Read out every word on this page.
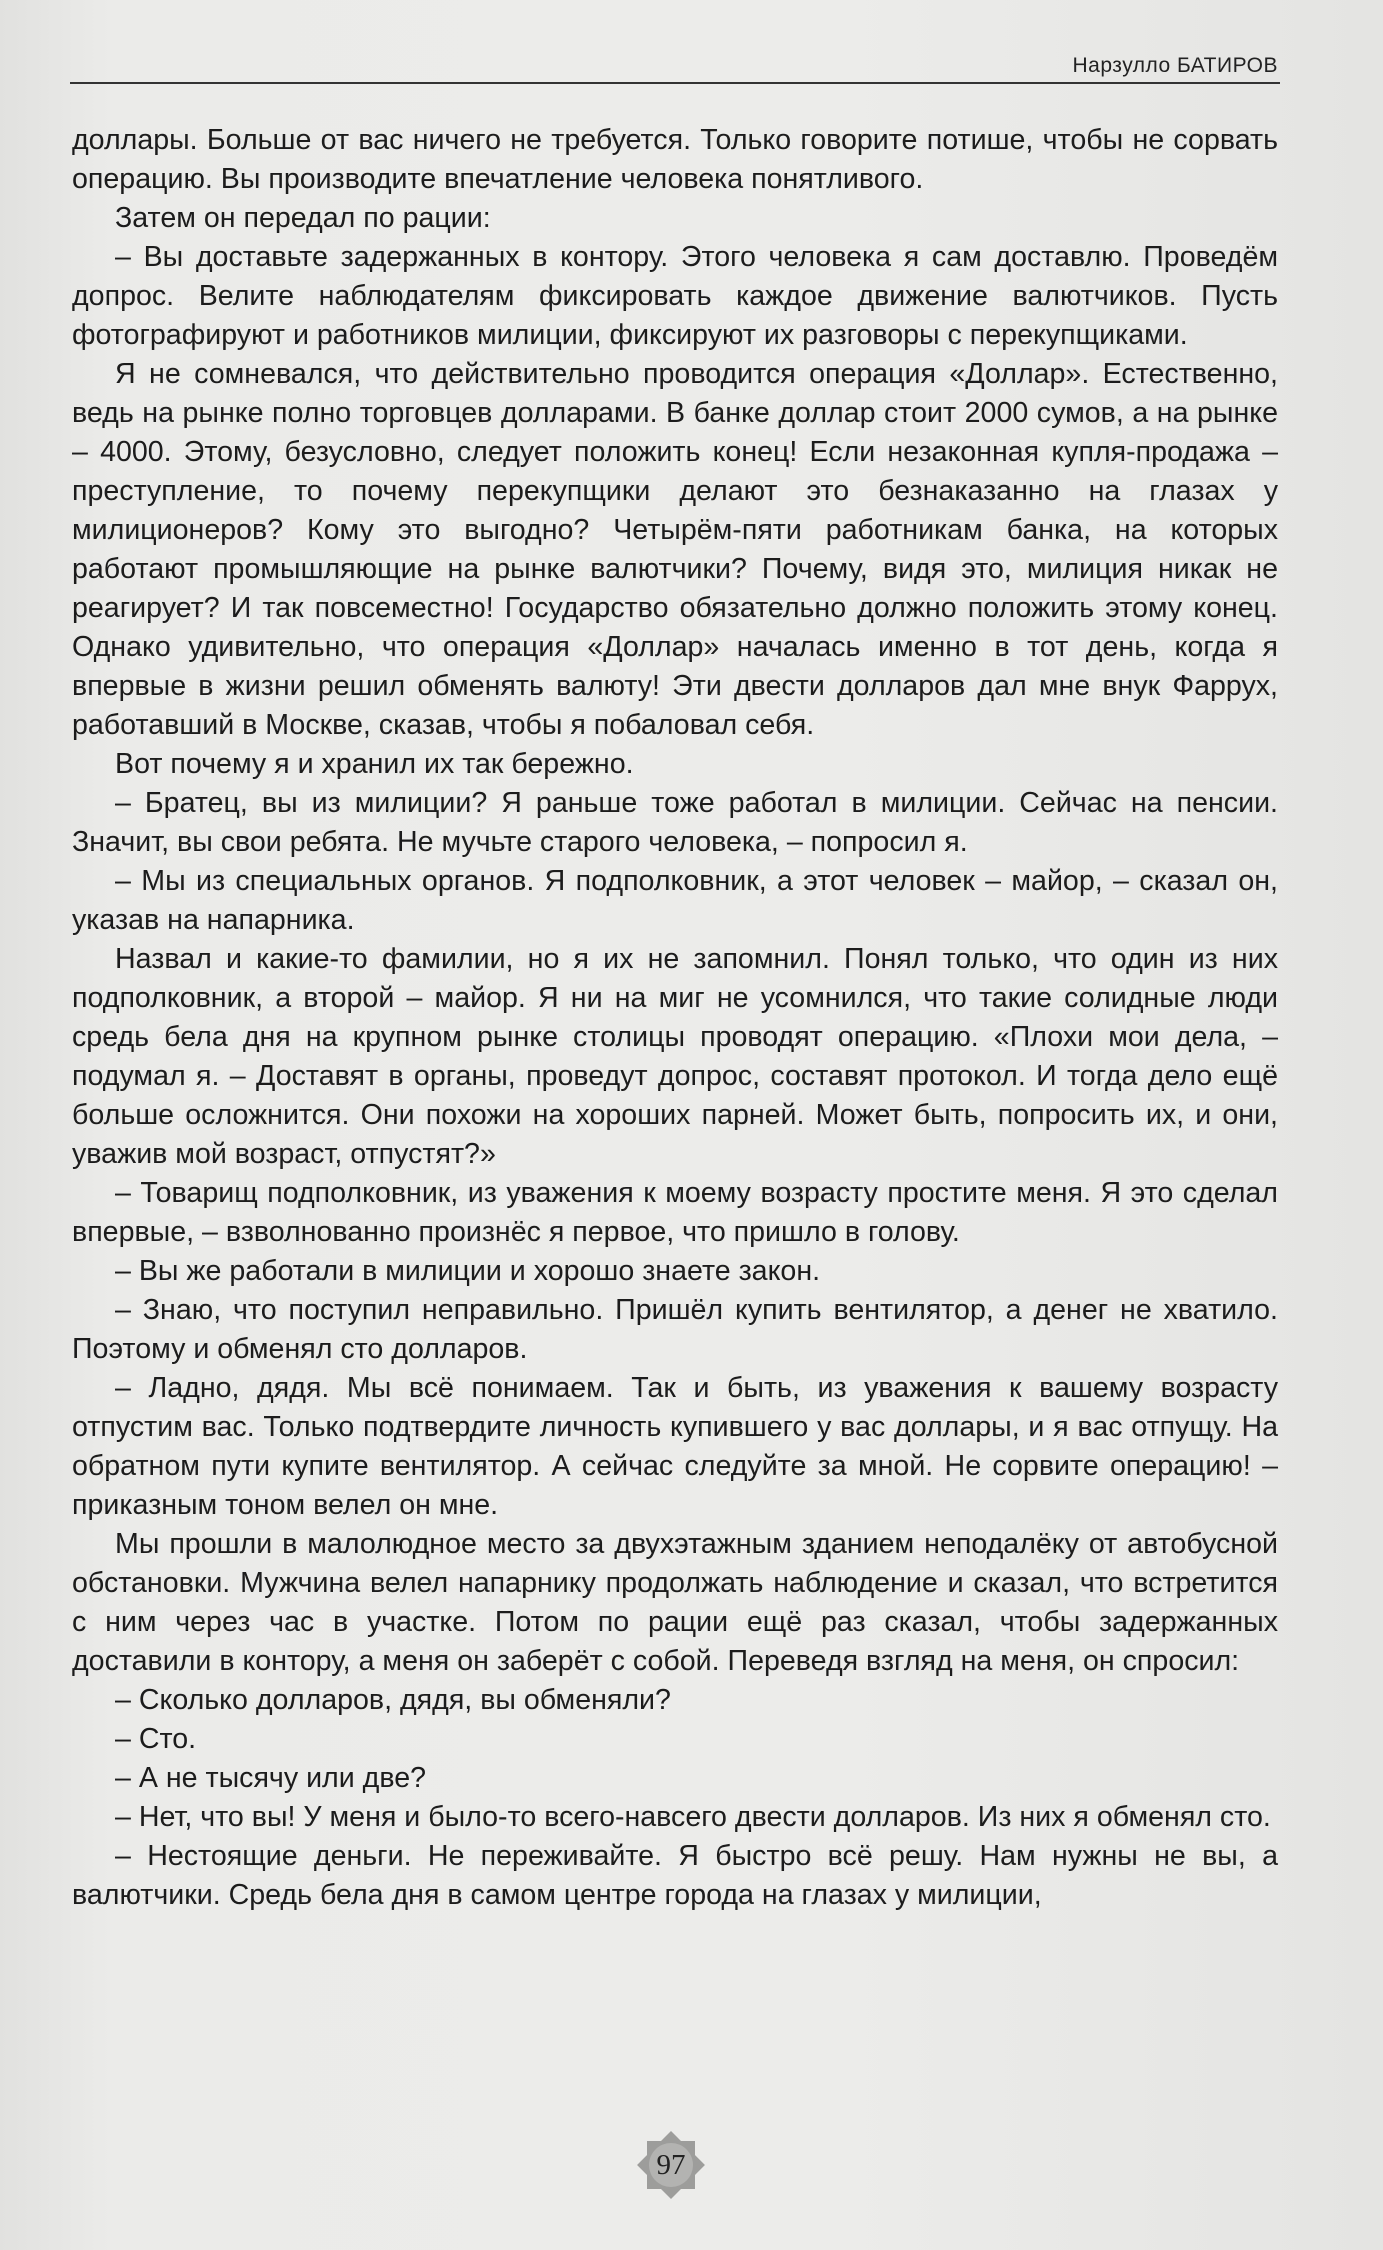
Нарзулло БАТИРОВ

доллары. Больше от вас ничего не требуется. Только говорите потише, чтобы не сорвать операцию. Вы производите впечатление человека понятливого.

Затем он передал по рации:

– Вы доставьте задержанных в контору. Этого человека я сам доставлю. Проведём допрос. Велите наблюдателям фиксировать каждое движение валютчиков. Пусть фотографируют и работников милиции, фиксируют их разговоры с перекупщиками.

Я не сомневался, что действительно проводится операция «Доллар». Естественно, ведь на рынке полно торговцев долларами. В банке доллар стоит 2000 сумов, а на рынке – 4000. Этому, безусловно, следует положить конец! Если незаконная купля-продажа – преступление, то почему перекупщики делают это безнаказанно на глазах у милиционеров? Кому это выгодно? Четырём-пяти работникам банка, на которых работают промышляющие на рынке валютчики? Почему, видя это, милиция никак не реагирует? И так повсеместно! Государство обязательно должно положить этому конец. Однако удивительно, что операция «Доллар» началась именно в тот день, когда я впервые в жизни решил обменять валюту! Эти двести долларов дал мне внук Фаррух, работавший в Москве, сказав, чтобы я побаловал себя.

Вот почему я и хранил их так бережно.

– Братец, вы из милиции? Я раньше тоже работал в милиции. Сейчас на пенсии. Значит, вы свои ребята. Не мучьте старого человека, – попросил я.

– Мы из специальных органов. Я подполковник, а этот человек – майор, – сказал он, указав на напарника.

Назвал и какие-то фамилии, но я их не запомнил. Понял только, что один из них подполковник, а второй – майор. Я ни на миг не усомнился, что такие солидные люди средь бела дня на крупном рынке столицы проводят операцию. «Плохи мои дела, – подумал я. – Доставят в органы, проведут допрос, составят протокол. И тогда дело ещё больше осложнится. Они похожи на хороших парней. Может быть, попросить их, и они, уважив мой возраст, отпустят?»

– Товарищ подполковник, из уважения к моему возрасту простите меня. Я это сделал впервые, – взволнованно произнёс я первое, что пришло в голову.

– Вы же работали в милиции и хорошо знаете закон.

– Знаю, что поступил неправильно. Пришёл купить вентилятор, а денег не хватило. Поэтому и обменял сто долларов.

– Ладно, дядя. Мы всё понимаем. Так и быть, из уважения к вашему возрасту отпустим вас. Только подтвердите личность купившего у вас доллары, и я вас отпущу. На обратном пути купите вентилятор. А сейчас следуйте за мной. Не сорвите операцию! – приказным тоном велел он мне.

Мы прошли в малолюдное место за двухэтажным зданием неподалёку от автобусной обстановки. Мужчина велел напарнику продолжать наблюдение и сказал, что встретится с ним через час в участке. Потом по рации ещё раз сказал, чтобы задержанных доставили в контору, а меня он заберёт с собой. Переведя взгляд на меня, он спросил:

– Сколько долларов, дядя, вы обменяли?

– Сто.

– А не тысячу или две?

– Нет, что вы! У меня и было-то всего-навсего двести долларов. Из них я обменял сто.

– Нестоящие деньги. Не переживайте. Я быстро всё решу. Нам нужны не вы, а валютчики. Средь бела дня в самом центре города на глазах у милиции,

97
